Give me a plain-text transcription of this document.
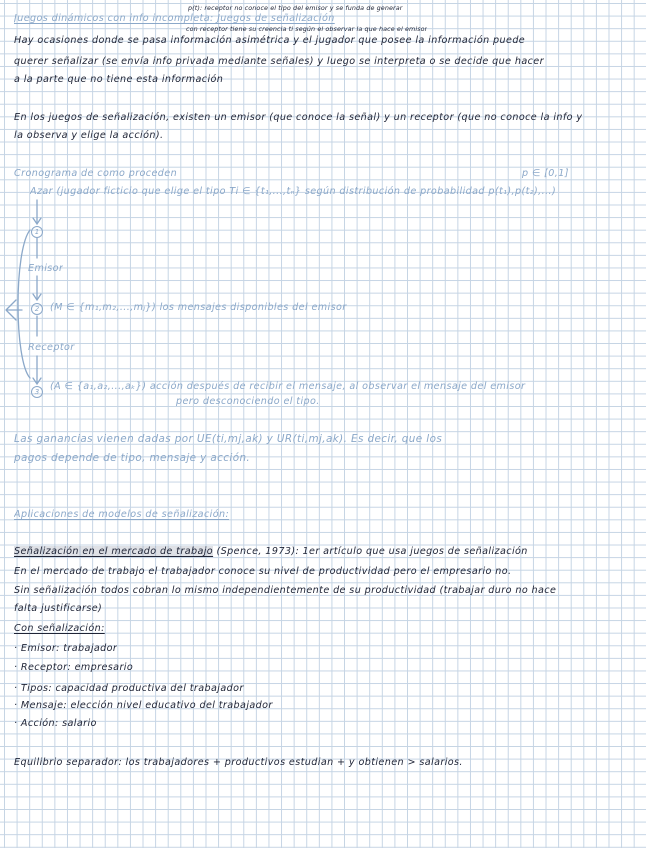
p(t): receptor no conoce el tipo del emisor y se funda de generar
Juegos dinámicos con info incompleta: Juegos de señalización
con receptor tiene su creencia ti según el observar la que hace el emisor
Hay ocasiones donde se pasa información asimétrica y el jugador que posee la información puede
querer señalizar (se envía info privada mediante señales) y luego se interpreta o se decide que hacer
a la parte que no tiene esta información
En los juegos de señalización, existen un emisor (que conoce la señal) y un receptor (que no conoce la info y
la observa y elige la acción).
Cronograma de como proceden	p ∈ [0,1]
Azar (jugador ficticio que elige el tipo Ti ∈ {t₁,...,tₙ} según distribución de probabilidad p(t₁),p(t₂),...)
1
Emisor
2	(M ∈ {m₁,m₂,...,mⱼ}) los mensajes disponibles del emisor
Receptor
3	(A ∈ {a₁,a₂,...,aₖ}) acción después de recibir el mensaje, al observar el mensaje del emisor
pero desconociendo el tipo.
Las ganancias vienen dadas por UE(ti,mj,ak) y UR(ti,mj,ak). Es decir, que los
pagos depende de tipo, mensaje y acción.
Aplicaciones de modelos de señalización:
Señalización en el mercado de trabajo (Spence, 1973): 1er artículo que usa juegos de señalización
En el mercado de trabajo el trabajador conoce su nivel de productividad pero el empresario no.
Sin señalización todos cobran lo mismo independientemente de su productividad (trabajar duro no hace
falta justificarse)
Con señalización:
· Emisor: trabajador
· Receptor: empresario
· Tipos: capacidad productiva del trabajador
· Mensaje: elección nivel educativo del trabajador
· Acción: salario
Equilibrio separador: los trabajadores + productivos estudian + y obtienen > salarios.
